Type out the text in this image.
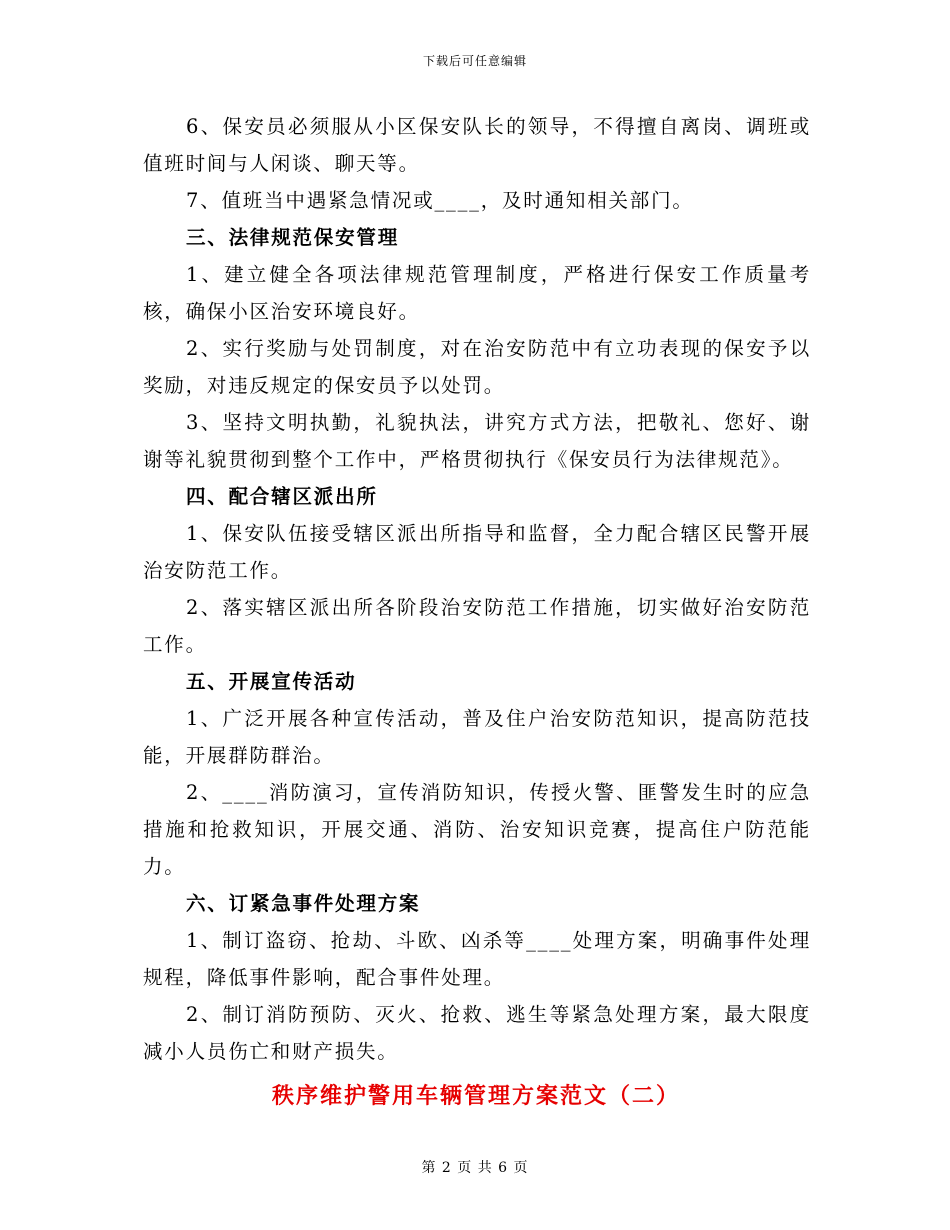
下载后可任意编辑

6、保安员必须服从小区保安队长的领导，不得擅自离岗、调班或值班时间与人闲谈、聊天等。

7、值班当中遇紧急情况或____，及时通知相关部门。

三、法律规范保安管理

1、建立健全各项法律规范管理制度，严格进行保安工作质量考核，确保小区治安环境良好。

2、实行奖励与处罚制度，对在治安防范中有立功表现的保安予以奖励，对违反规定的保安员予以处罚。

3、坚持文明执勤，礼貌执法，讲究方式方法，把敬礼、您好、谢谢等礼貌贯彻到整个工作中，严格贯彻执行《保安员行为法律规范》。

四、配合辖区派出所

1、保安队伍接受辖区派出所指导和监督，全力配合辖区民警开展治安防范工作。

2、落实辖区派出所各阶段治安防范工作措施，切实做好治安防范工作。

五、开展宣传活动

1、广泛开展各种宣传活动，普及住户治安防范知识，提高防范技能，开展群防群治。

2、____消防演习，宣传消防知识，传授火警、匪警发生时的应急措施和抢救知识，开展交通、消防、治安知识竞赛，提高住户防范能力。

六、订紧急事件处理方案

1、制订盗窃、抢劫、斗欧、凶杀等____处理方案，明确事件处理规程，降低事件影响，配合事件处理。

2、制订消防预防、灭火、抢救、逃生等紧急处理方案，最大限度减小人员伤亡和财产损失。

秩序维护警用车辆管理方案范文（二）
第 2 页 共 6 页
